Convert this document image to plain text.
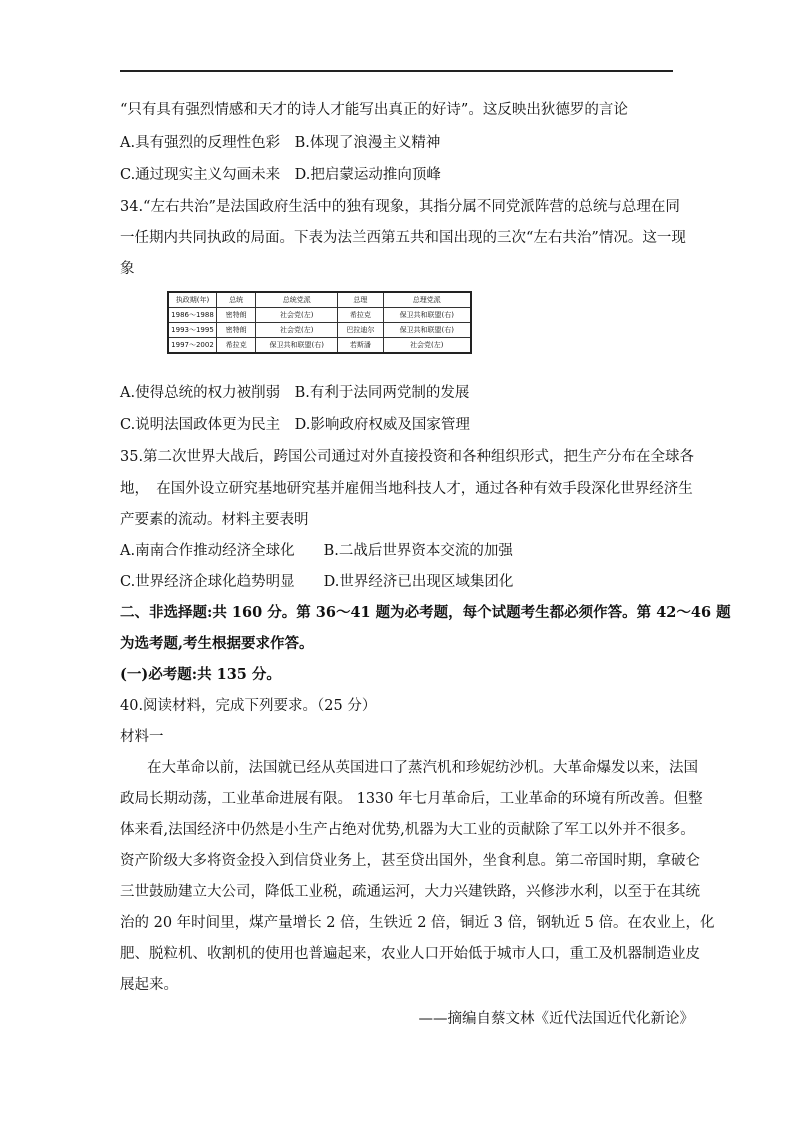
“只有具有强烈情感和天才的诗人才能写出真正的好诗”。这反映出狄德罗的言论
A.具有强烈的反理性色彩　B.体现了浪漫主义精神
C.通过现实主义勾画未来　D.把启蒙运动推向顶峰
34.“左右共治”是法国政府生活中的独有现象，其指分属不同党派阵营的总统与总理在同
一任期内共同执政的局面。下表为法兰西第五共和国出现的三次“左右共治”情况。这一现
象
执政期(年)	总统	总统党派	总理	总理党派
1986～1988	密特朗	社会党(左)	希拉克	保卫共和联盟(右)
1993～1995	密特朗	社会党(左)	巴拉迪尔	保卫共和联盟(右)
1997～2002	希拉克	保卫共和联盟(右)	若斯潘	社会党(左)
A.使得总统的权力被削弱　B.有利于法同两党制的发展
C.说明法国政体更为民主　D.影响政府权威及国家管理
35.第二次世界大战后，跨国公司通过对外直接投资和各种组织形式，把生产分布在全球各
地，　在国外设立研究基地研究基并雇佣当地科技人才，通过各种有效手段深化世界经济生
产要素的流动。材料主要表明
A.南南合作推动经济全球化　　B.二战后世界资本交流的加强
C.世界经济企球化趋势明显　　D.世界经济已出现区域集团化
二、非选择题:共 160 分。第 36～41 题为必考题，每个试题考生都必须作答。第 42～46 题
为选考题,考生根据要求作答。
(一)必考题:共 135 分。
40.阅读材料，完成下列要求。（25 分）
材料一
在大革命以前，法国就已经从英国进口了蒸汽机和珍妮纺沙机。大革命爆发以来，法国
政局长期动荡，工业革命进展有限。 1330 年七月革命后，工业革命的环境有所改善。但整
体来看,法国经济中仍然是小生产占绝对优势,机器为大工业的贡献除了军工以外并不很多。
资产阶级大多将资金投入到信贷业务上，甚至贷出国外，坐食利息。第二帝国时期，拿破仑
三世鼓励建立大公司，降低工业税，疏通运河，大力兴建铁路，兴修涉水利，以至于在其统
治的 20 年时间里，煤产量增长 2 倍，生铁近 2 倍，铜近 3 倍，钢轨近 5 倍。在农业上，化
肥、脱粒机、收割机的使用也普遍起来，农业人口开始低于城市人口，重工及机器制造业皮
展起来。
——摘编自蔡文林《近代法国近代化新论》
